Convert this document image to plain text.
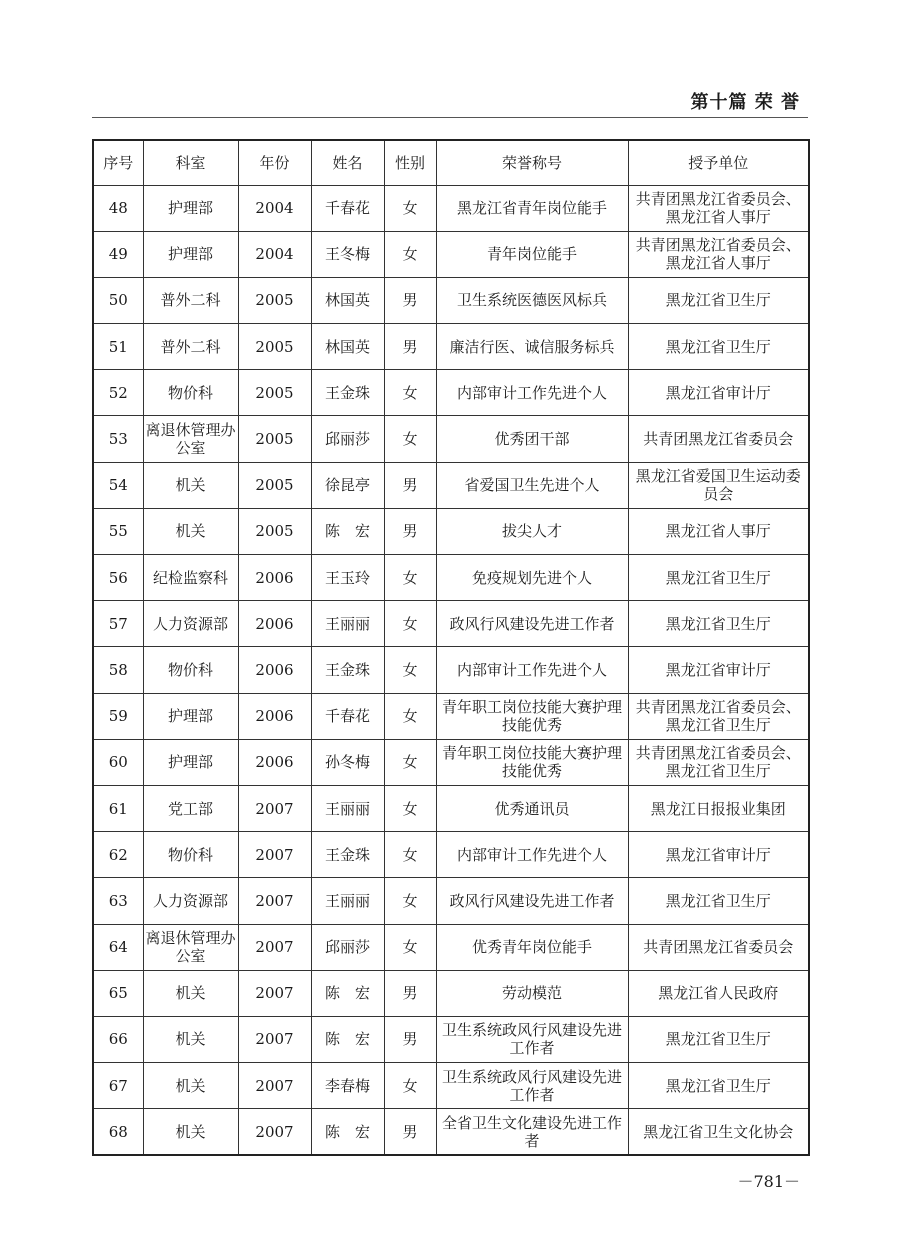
第十篇 荣 誉
序号	科室	年份	姓名	性别	荣誉称号	授予单位
48	护理部	2004	千春花	女	黑龙江省青年岗位能手	共青团黑龙江省委员会、黑龙江省人事厅
49	护理部	2004	王冬梅	女	青年岗位能手	共青团黑龙江省委员会、黑龙江省人事厅
50	普外二科	2005	林国英	男	卫生系统医德医风标兵	黑龙江省卫生厅
51	普外二科	2005	林国英	男	廉洁行医、诚信服务标兵	黑龙江省卫生厅
52	物价科	2005	王金珠	女	内部审计工作先进个人	黑龙江省审计厅
53	离退休管理办公室	2005	邱丽莎	女	优秀团干部	共青团黑龙江省委员会
54	机关	2005	徐昆亭	男	省爱国卫生先进个人	黑龙江省爱国卫生运动委员会
55	机关	2005	陈　宏	男	拔尖人才	黑龙江省人事厅
56	纪检监察科	2006	王玉玲	女	免疫规划先进个人	黑龙江省卫生厅
57	人力资源部	2006	王丽丽	女	政风行风建设先进工作者	黑龙江省卫生厅
58	物价科	2006	王金珠	女	内部审计工作先进个人	黑龙江省审计厅
59	护理部	2006	千春花	女	青年职工岗位技能大赛护理技能优秀	共青团黑龙江省委员会、黑龙江省卫生厅
60	护理部	2006	孙冬梅	女	青年职工岗位技能大赛护理技能优秀	共青团黑龙江省委员会、黑龙江省卫生厅
61	党工部	2007	王丽丽	女	优秀通讯员	黑龙江日报报业集团
62	物价科	2007	王金珠	女	内部审计工作先进个人	黑龙江省审计厅
63	人力资源部	2007	王丽丽	女	政风行风建设先进工作者	黑龙江省卫生厅
64	离退休管理办公室	2007	邱丽莎	女	优秀青年岗位能手	共青团黑龙江省委员会
65	机关	2007	陈　宏	男	劳动模范	黑龙江省人民政府
66	机关	2007	陈　宏	男	卫生系统政风行风建设先进工作者	黑龙江省卫生厅
67	机关	2007	李春梅	女	卫生系统政风行风建设先进工作者	黑龙江省卫生厅
68	机关	2007	陈　宏	男	全省卫生文化建设先进工作者	黑龙江省卫生文化协会
－781－
